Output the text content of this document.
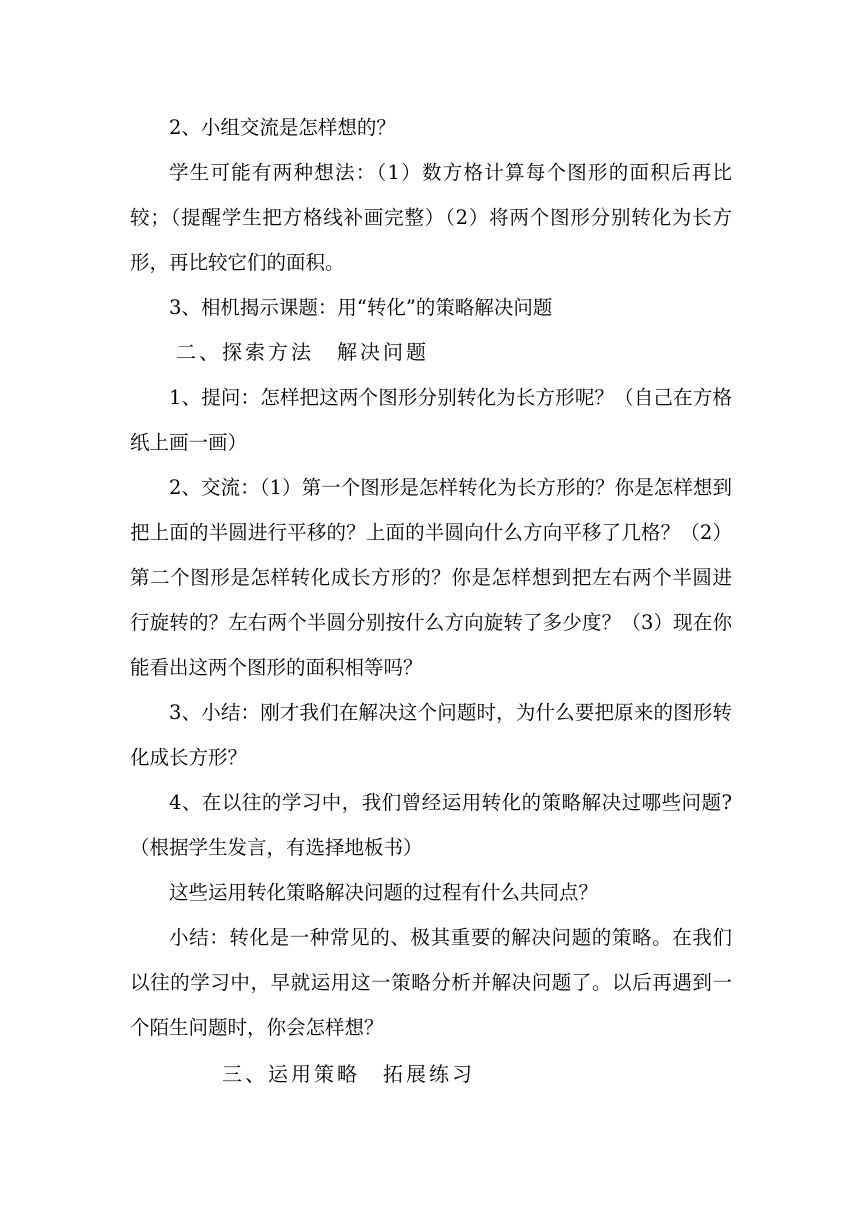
2、小组交流是怎样想的？

学生可能有两种想法：（1）数方格计算每个图形的面积后再比较；（提醒学生把方格线补画完整）（2）将两个图形分别转化为长方形，再比较它们的面积。

3、相机揭示课题：用“转化”的策略解决问题

二、探索方法　解决问题

1、提问：怎样把这两个图形分别转化为长方形呢？（自己在方格纸上画一画）

2、交流：（1）第一个图形是怎样转化为长方形的？你是怎样想到把上面的半圆进行平移的？上面的半圆向什么方向平移了几格？（2）第二个图形是怎样转化成长方形的？你是怎样想到把左右两个半圆进行旋转的？左右两个半圆分别按什么方向旋转了多少度？（3）现在你能看出这两个图形的面积相等吗？

3、小结：刚才我们在解决这个问题时，为什么要把原来的图形转化成长方形？

4、在以往的学习中，我们曾经运用转化的策略解决过哪些问题?（根据学生发言，有选择地板书）

这些运用转化策略解决问题的过程有什么共同点？

小结：转化是一种常见的、极其重要的解决问题的策略。在我们以往的学习中，早就运用这一策略分析并解决问题了。以后再遇到一个陌生问题时，你会怎样想？

三、运用策略　拓展练习
